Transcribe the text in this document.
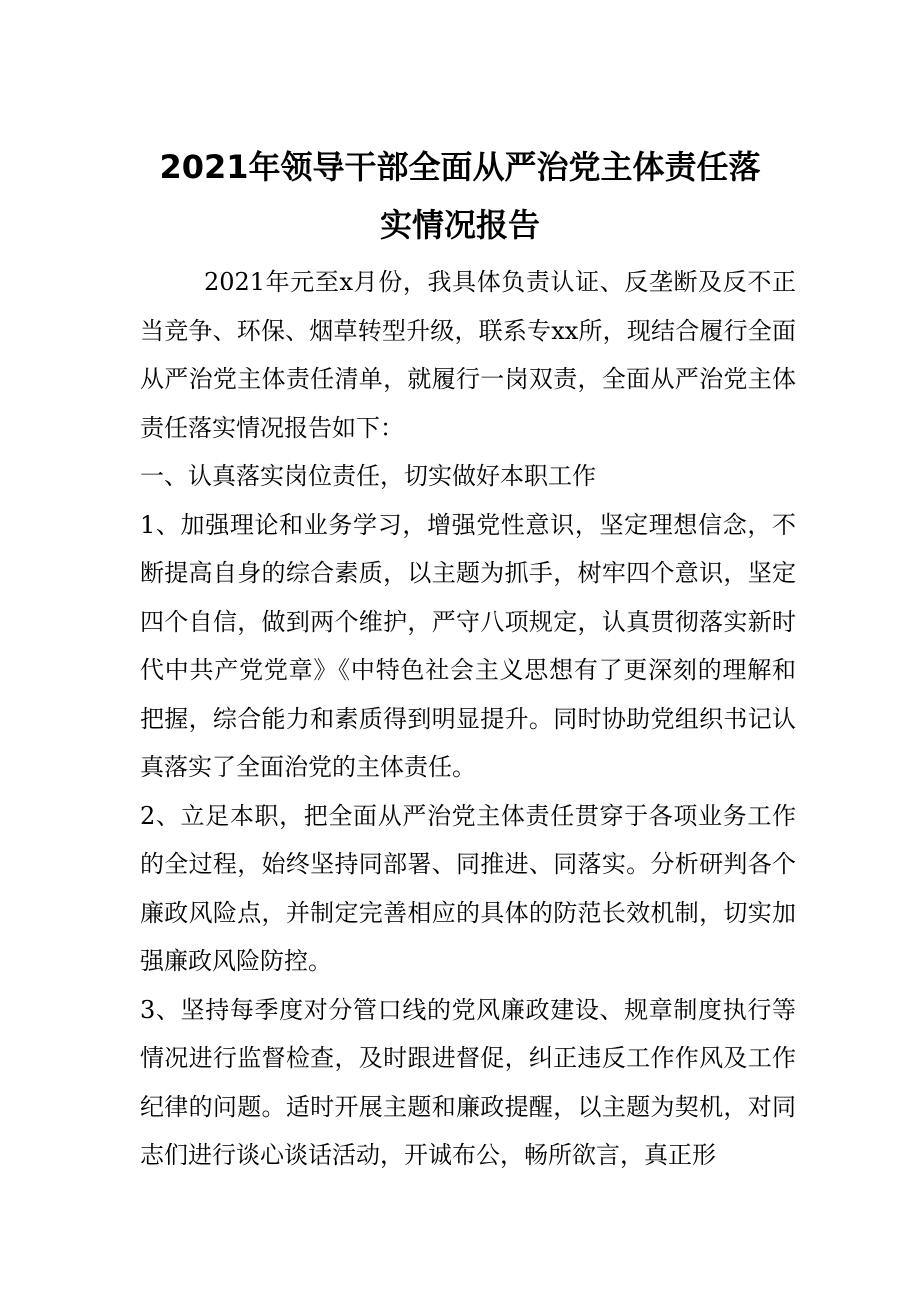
2021年领导干部全面从严治党主体责任落
实情况报告

2021年元至x月份，我具体负责认证、反垄断及反不正当竞争、环保、烟草转型升级，联系专xx所，现结合履行全面从严治党主体责任清单，就履行一岗双责，全面从严治党主体责任落实情况报告如下：

一、认真落实岗位责任，切实做好本职工作

1、加强理论和业务学习，增强党性意识，坚定理想信念，不断提高自身的综合素质，以主题为抓手，树牢四个意识，坚定四个自信，做到两个维护，严守八项规定，认真贯彻落实新时代中共产党党章》《中特色社会主义思想有了更深刻的理解和把握，综合能力和素质得到明显提升。同时协助党组织书记认真落实了全面治党的主体责任。

2、立足本职，把全面从严治党主体责任贯穿于各项业务工作的全过程，始终坚持同部署、同推进、同落实。分析研判各个廉政风险点，并制定完善相应的具体的防范长效机制，切实加强廉政风险防控。

3、坚持每季度对分管口线的党风廉政建设、规章制度执行等情况进行监督检查，及时跟进督促，纠正违反工作作风及工作纪律的问题。适时开展主题和廉政提醒，以主题为契机，对同志们进行谈心谈话活动，开诚布公，畅所欲言，真正形
